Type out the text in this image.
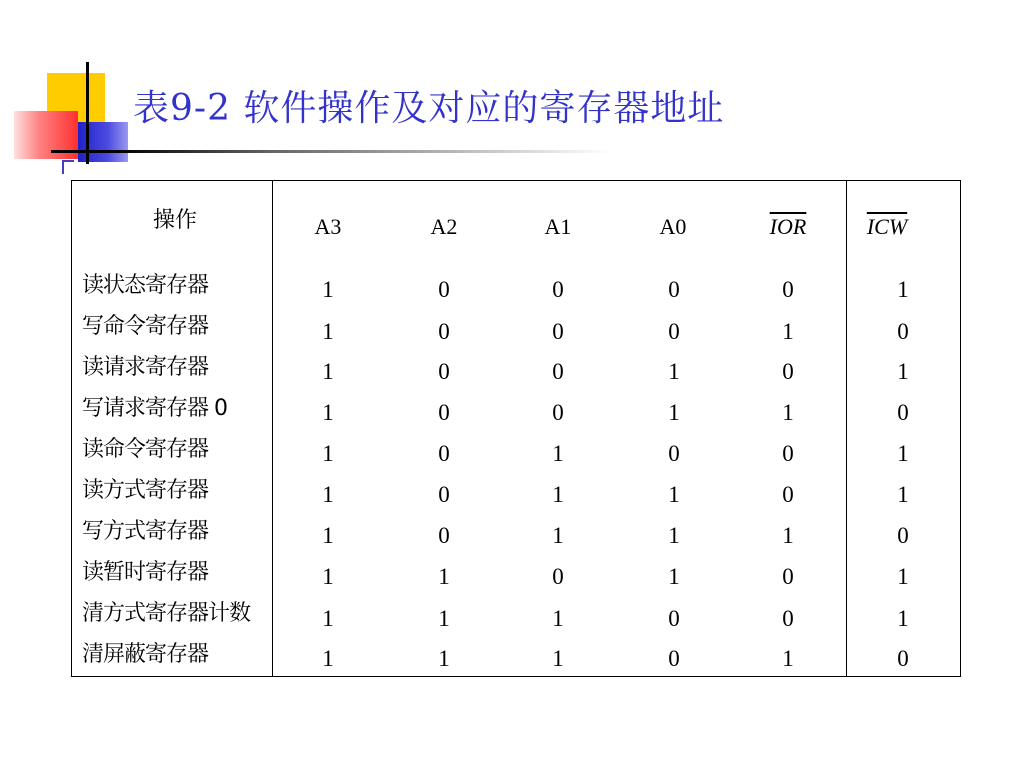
表9-2 软件操作及对应的寄存器地址
操作	A3	A2	A1	A0	$\overline{IOR}$	$\overline{ICW}$
读状态寄存器	1	0	0	0	0	1
写命令寄存器	1	0	0	0	1	0
读请求寄存器	1	0	0	1	0	1
写请求寄存器 0	1	0	0	1	1	0
读命令寄存器	1	0	1	0	0	1
读方式寄存器	1	0	1	1	0	1
写方式寄存器	1	0	1	1	1	0
读暂时寄存器	1	1	0	1	0	1
清方式寄存器计数	1	1	1	0	0	1
清屏蔽寄存器	1	1	1	0	1	0
